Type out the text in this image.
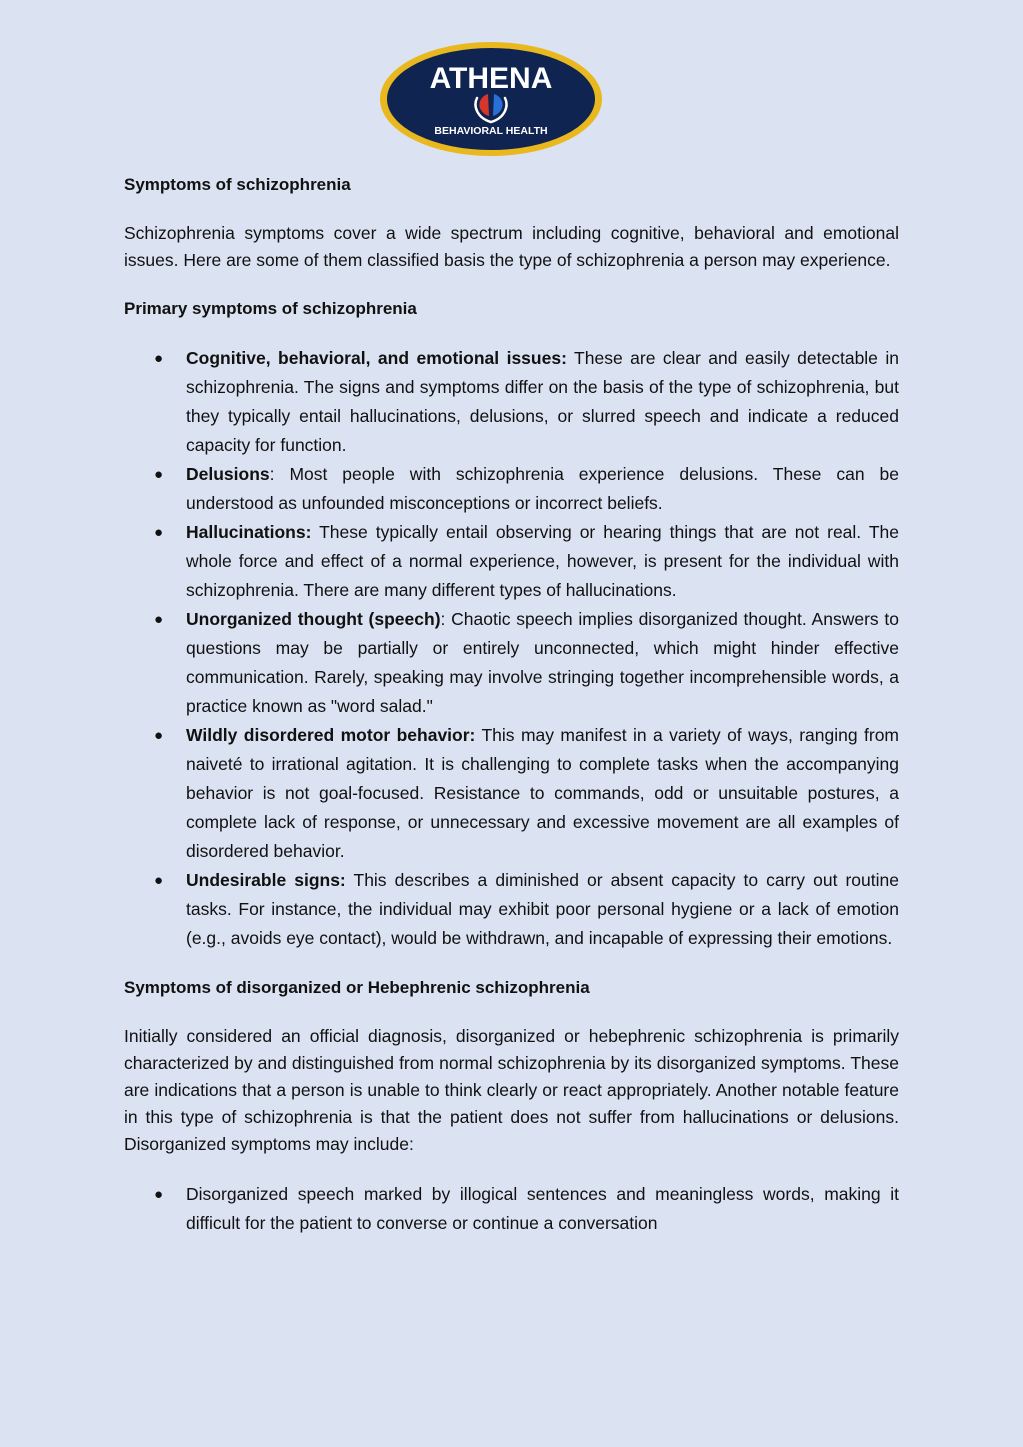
ATHENA
BEHAVIORAL HEALTH
Symptoms of schizophrenia

Schizophrenia symptoms cover a wide spectrum including cognitive, behavioral and emotional issues. Here are some of them classified basis the type of schizophrenia a person may experience.

Primary symptoms of schizophrenia
● Cognitive, behavioral, and emotional issues: These are clear and easily detectable in schizophrenia. The signs and symptoms differ on the basis of the type of schizophrenia, but they typically entail hallucinations, delusions, or slurred speech and indicate a reduced capacity for function.
● Delusions: Most people with schizophrenia experience delusions. These can be understood as unfounded misconceptions or incorrect beliefs.
● Hallucinations: These typically entail observing or hearing things that are not real. The whole force and effect of a normal experience, however, is present for the individual with schizophrenia. There are many different types of hallucinations.
● Unorganized thought (speech): Chaotic speech implies disorganized thought. Answers to questions may be partially or entirely unconnected, which might hinder effective communication. Rarely, speaking may involve stringing together incomprehensible words, a practice known as "word salad."
● Wildly disordered motor behavior: This may manifest in a variety of ways, ranging from naiveté to irrational agitation. It is challenging to complete tasks when the accompanying behavior is not goal-focused. Resistance to commands, odd or unsuitable postures, a complete lack of response, or unnecessary and excessive movement are all examples of disordered behavior.
● Undesirable signs: This describes a diminished or absent capacity to carry out routine tasks. For instance, the individual may exhibit poor personal hygiene or a lack of emotion (e.g., avoids eye contact), would be withdrawn, and incapable of expressing their emotions.
Symptoms of disorganized or Hebephrenic schizophrenia

Initially considered an official diagnosis, disorganized or hebephrenic schizophrenia is primarily characterized by and distinguished from normal schizophrenia by its disorganized symptoms. These are indications that a person is unable to think clearly or react appropriately. Another notable feature in this type of schizophrenia is that the patient does not suffer from hallucinations or delusions. Disorganized symptoms may include:

● Disorganized speech marked by illogical sentences and meaningless words, making it difficult for the patient to converse or continue a conversation
